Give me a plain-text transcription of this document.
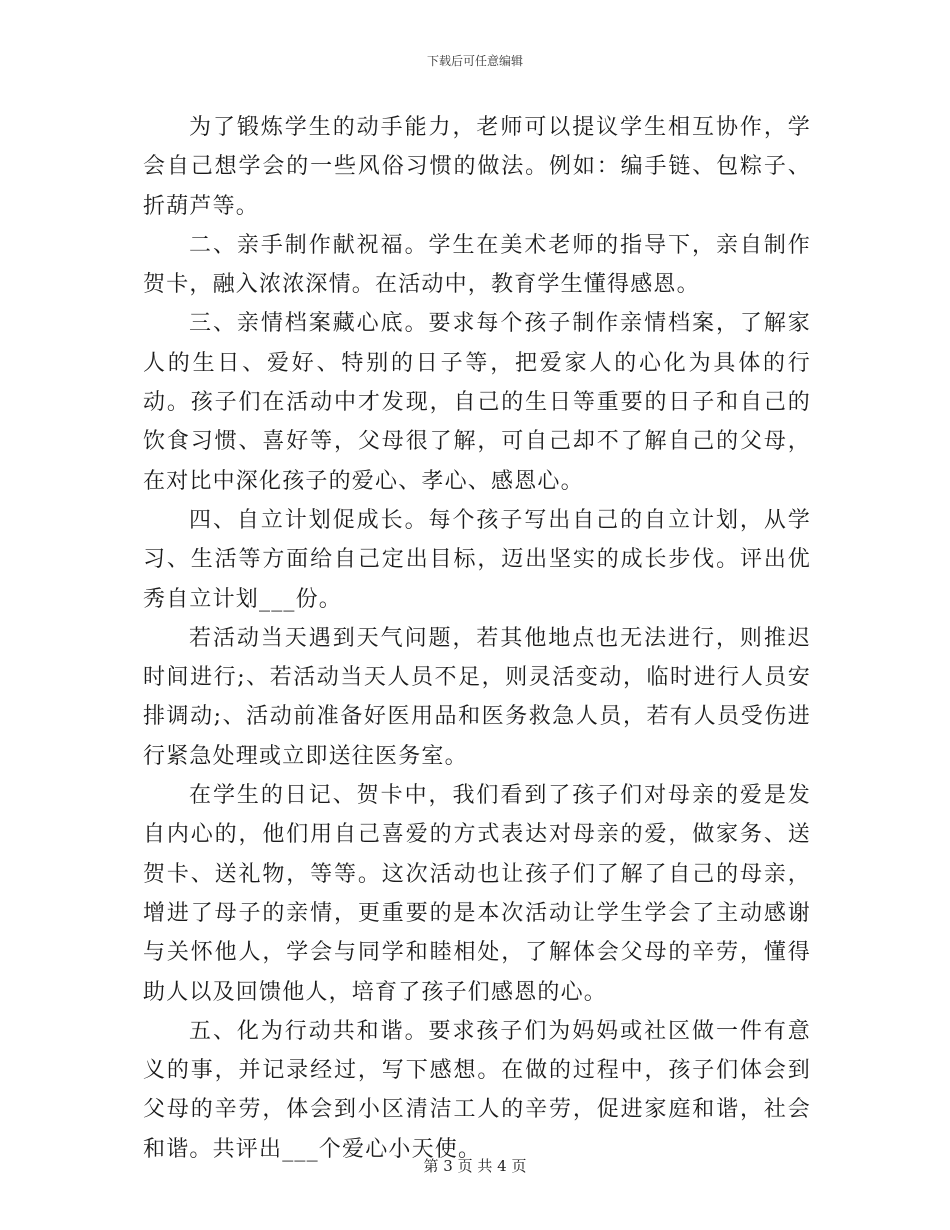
下载后可任意编辑

为了锻炼学生的动手能力，老师可以提议学生相互协作，学会自己想学会的一些风俗习惯的做法。例如：编手链、包粽子、折葫芦等。

二、亲手制作献祝福。学生在美术老师的指导下，亲自制作贺卡，融入浓浓深情。在活动中，教育学生懂得感恩。

三、亲情档案藏心底。要求每个孩子制作亲情档案，了解家人的生日、爱好、特别的日子等，把爱家人的心化为具体的行动。孩子们在活动中才发现，自己的生日等重要的日子和自己的饮食习惯、喜好等，父母很了解，可自己却不了解自己的父母，在对比中深化孩子的爱心、孝心、感恩心。

四、自立计划促成长。每个孩子写出自己的自立计划，从学习、生活等方面给自己定出目标，迈出坚实的成长步伐。评出优秀自立计划___份。

若活动当天遇到天气问题，若其他地点也无法进行，则推迟时间进行;、若活动当天人员不足，则灵活变动，临时进行人员安排调动;、活动前准备好医用品和医务救急人员，若有人员受伤进行紧急处理或立即送往医务室。

在学生的日记、贺卡中，我们看到了孩子们对母亲的爱是发自内心的，他们用自己喜爱的方式表达对母亲的爱，做家务、送贺卡、送礼物，等等。这次活动也让孩子们了解了自己的母亲，增进了母子的亲情，更重要的是本次活动让学生学会了主动感谢与关怀他人，学会与同学和睦相处，了解体会父母的辛劳，懂得助人以及回馈他人，培育了孩子们感恩的心。

五、化为行动共和谐。要求孩子们为妈妈或社区做一件有意义的事，并记录经过，写下感想。在做的过程中，孩子们体会到父母的辛劳，体会到小区清洁工人的辛劳，促进家庭和谐，社会和谐。共评出___个爱心小天使。

第 3 页 共 4 页
